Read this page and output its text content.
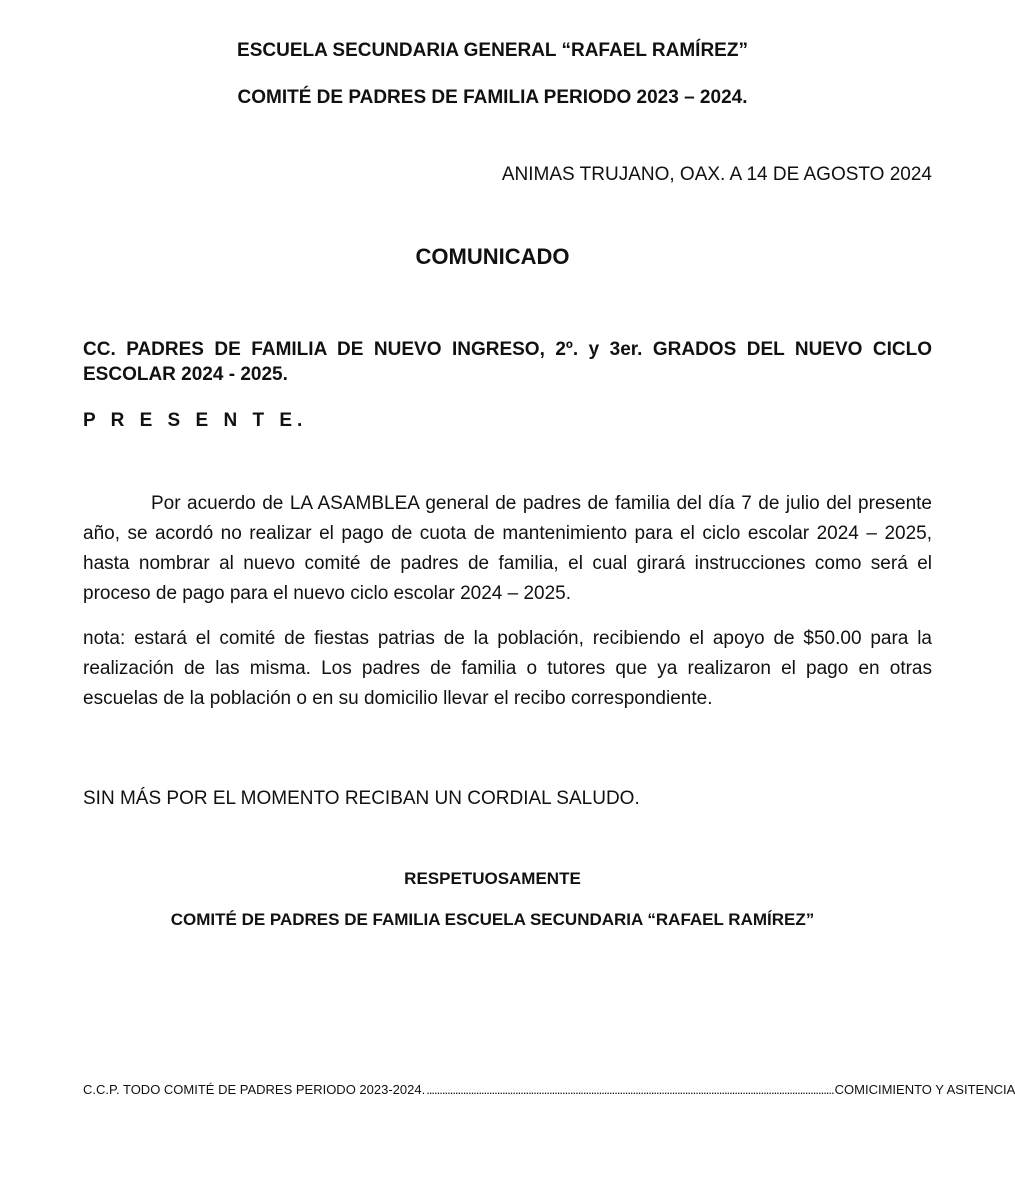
ESCUELA SECUNDARIA GENERAL “RAFAEL RAMÍREZ”
COMITÉ DE PADRES DE FAMILIA PERIODO 2023 – 2024.
ANIMAS TRUJANO, OAX. A 14 DE AGOSTO 2024
COMUNICADO
CC. PADRES DE FAMILIA DE NUEVO INGRESO, 2º. y 3er. GRADOS DEL NUEVO CICLO ESCOLAR 2024 - 2025.
P R E S E N T E.

Por acuerdo de LA ASAMBLEA general de padres de familia del día 7 de julio del presente año, se acordó no realizar el pago de cuota de mantenimiento para el ciclo escolar 2024 – 2025, hasta nombrar al nuevo comité de padres de familia, el cual girará instrucciones como será el proceso de pago para el nuevo ciclo escolar 2024 – 2025.

nota: estará el comité de fiestas patrias de la población, recibiendo el apoyo de $50.00 para la realización de las misma. Los padres de familia o tutores que ya realizaron el pago en otras escuelas de la población o en su domicilio llevar el recibo correspondiente.

SIN MÁS POR EL MOMENTO RECIBAN UN CORDIAL SALUDO.
RESPETUOSAMENTE
COMITÉ DE PADRES DE FAMILIA ESCUELA SECUNDARIA “RAFAEL RAMÍREZ”
C.C.P. TODO COMITÉ DE PADRES PERIODO 2023-2024. ............................................................................................................................................................ COMICIMIENTO Y ASITENCIA
